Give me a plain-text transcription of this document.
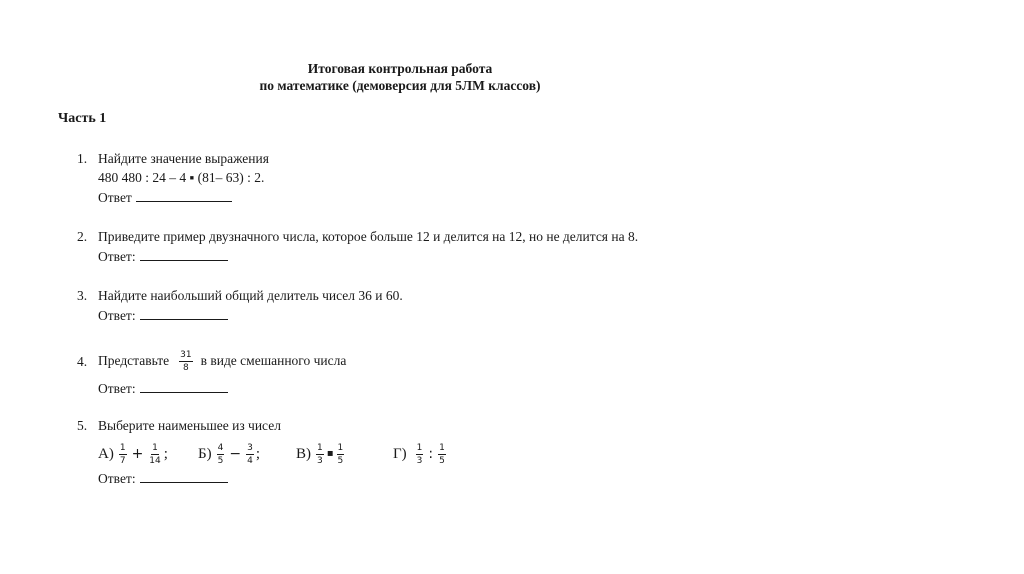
Итоговая контрольная работа
по математике (демоверсия для 5ЛМ классов)
Часть 1
1. Найдите значение выражения
480 480 : 24 – 4 ▪ (81– 63) : 2.
Ответ
2. Приведите пример двузначного числа, которое больше 12 и делится на 12, но не делится на 8.
Ответ:
3. Найдите наибольший общий делитель чисел 36 и 60.
Ответ:
4. Представьте $\frac{31}{8}$ в виде смешанного числа
Ответ:
5. Выберите наименьшее из чисел
$А) \frac{1}{7} + \frac{1}{14}$ ; $Б) \frac{4}{5} - \frac{3}{4}$ ; $В) \frac{1}{3}$ ▪ $\frac{1}{5}$	$Г) \frac{1}{3}$ : $\frac{1}{5}$
Ответ:
